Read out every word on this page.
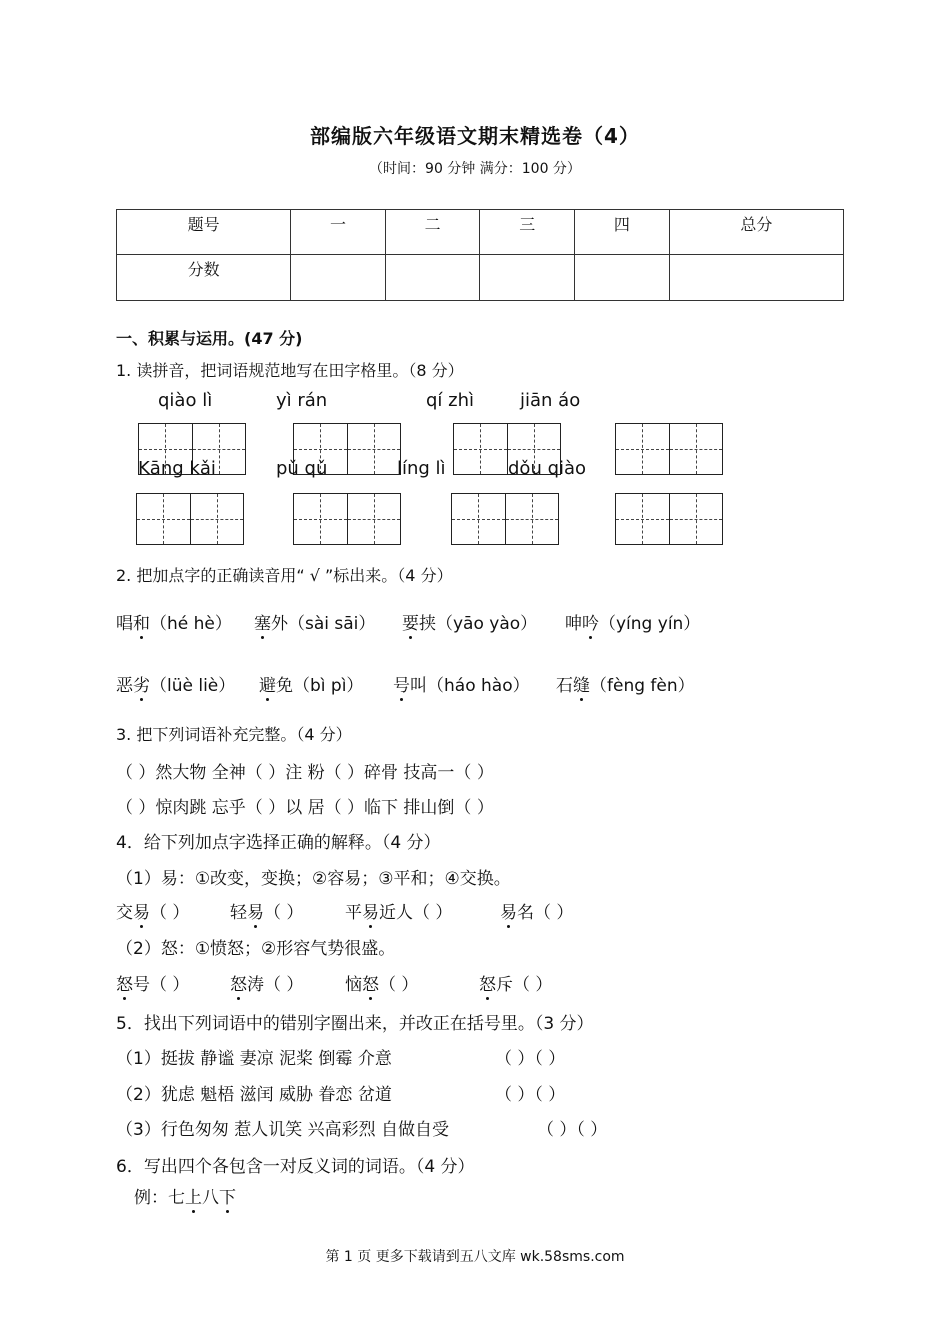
部编版六年级语文期末精选卷（4）
（时间：90 分钟 满分：100 分）
题号	一	二	三	四	总分
分数					
一、积累与运用。(47 分)
1. 读拼音，把词语规范地写在田字格里。（8 分）
qiào lì	yì rán	qí zhì	jiān áo
Kāng kǎi	pǔ qǔ	líng lì	dǒu qiào
2. 把加点字的正确读音用“ √ ”标出来。（4 分）
唱和（hé hè） 塞外（sài sāi） 要挟（yāo yào） 呻吟（yíng yín）
恶劣（lüè liè） 避免（bì pì） 号叫（háo hào） 石缝（fèng fèn）
3. 把下列词语补充完整。（4 分）
（ ）然大物 全神（ ）注 粉（ ）碎骨 技高一（ ）
（ ）惊肉跳 忘乎（ ）以 居（ ）临下 排山倒（ ）
4．给下列加点字选择正确的解释。（4 分）
（1）易：①改变，变换；②容易；③平和；④交换。
交易（ ） 轻易（ ） 平易近人（ ）	易名（ ）
（2）怒：①愤怒；②形容气势很盛。
怒号（ ） 怒涛（ ） 恼怒（ ）	怒斥（ ）
5．找出下列词语中的错别字圈出来，并改正在括号里。（3 分）
（1）挺拔 静谧 妻凉 泥桨 倒霉 介意	（ ）（ ）
（2）犹虑 魁梧 滋闰 威胁 眷恋 岔道	（ ）（ ）
（3）行色匆匆 惹人讥笑 兴高彩烈 自做自受	（ ）（ ）
6．写出四个各包含一对反义词的词语。（4 分）
例：七上八下
第 1 页 更多下载请到五八文库 wk.58sms.com
